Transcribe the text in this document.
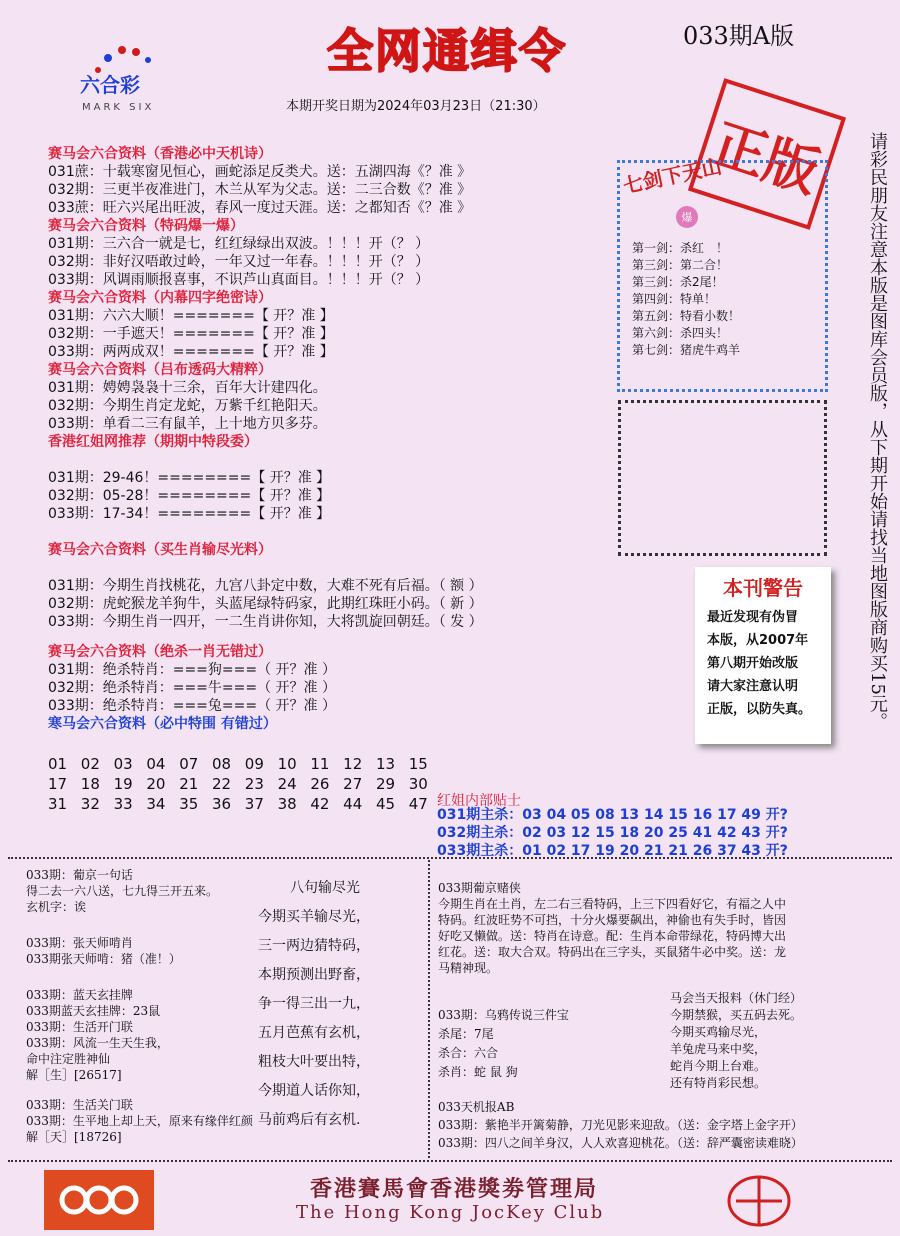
六合彩
MARK SIX
全网通缉令	033期A版
本期开奖日期为2024年03月23日（21:30）
正版
赛马会六合资料（香港必中天机诗）
031蔗：十载寒窗见恒心，画蛇添足反类犬。送：五湖四海《？准 》
032期：三更半夜准进门，木兰从军为父志。送：二三合数《？准 》
033蔗：旺六兴尾出旺波，春风一度过天涯。送：之都知否《？准 》
赛马会六合资料（特码爆一爆）
031期：三六合一就是七，红红绿绿出双波。！！！开（？ ）
032期：非好汉唔敢过岭，一年又过一年春。！！！开（？ ）
033期：风调雨顺报喜事，不识芦山真面目。！！！开（？ ）
赛马会六合资料（内幕四字绝密诗）
031期：六六大顺！=======【 开？准 】
032期：一手遮天！=======【 开？准 】
033期：两两成双！=======【 开？准 】
赛马会六合资料（吕布透码大精粹）
031期：娉娉袅袅十三余，百年大计建四化。
032期：今期生肖定龙蛇，万紫千红艳阳天。
033期：单看二三有鼠羊，上十地方贝多芬。
香港红姐网推荐（期期中特段委）
031期：29-46！========【 开？准 】
032期：05-28！========【 开？准 】
033期：17-34！========【 开？准 】
赛马会六合资料（买生肖输尽光料）
031期：今期生肖找桃花，九宫八卦定中数，大难不死有后福。（ 额 ）
032期：虎蛇猴龙羊狗牛，头蓝尾绿特码家，此期红珠旺小码。（ 新 ）
033期：今期生肖一四开，一二生肖讲你知，大将凯旋回朝廷。（ 发 ）
赛马会六合资料（绝杀一肖无错过）
031期：绝杀特肖：===狗===（ 开？准 ）
032期：绝杀特肖：===牛===（ 开？准 ）
033期：绝杀特肖：===兔===（ 开？准 ）
寒马会六合资料（必中特围 有错过）
01 02 03 04 07 08 09 10 11 12 13 15
17 18 19 20 21 22 23 24 26 27 29 30
31 32 33 34 35 36 37 38 42 44 45 47
请彩民朋友注意本版是图库会员版，从下期开始请找当地图版商购买15元。
七剑下天山
爆
第一剑：杀红　！
第三剑：第二合！
第三剑：杀2尾！
第四剑：特单！
第五剑：特看小数！
第六剑：杀四头！
第七剑：猪虎牛鸡羊
本刊警告
最近发现有伪冒
本版，从2007年
第八期开始改版
请大家注意认明
正版，以防失真。
红姐内部贴士
031期主杀：03 04 05 08 13 14 15 16 17 49 开?
032期主杀：02 03 12 15 18 20 25 41 42 43 开?
033期主杀：01 02 17 19 20 21 21 26 37 43 开?
033期：葡京一句话
得二去一六八送，七九得三开五来。
玄机字：诶
033期：张天师啃肖
033期张天师啃：猪（准！）
033期：蓝天玄挂牌
033期蓝天玄挂牌：23鼠
033期：生活开门联
033期：风流一生天生我，
命中注定胜神仙
解［生］[26517]
033期：生活关门联
033期：生平地上却上天，原来有缘伴红颜
解［天］[18726]
八句输尽光
今期买羊输尽光，
三一两边猜特码，
本期预测出野畜，
争一得三出一九，
五月芭蕉有玄机，
粗枝大叶要出特，
今期道人话你知，
马前鸡后有玄机.
033期葡京赌侠
今期生肖在土肖，左二右三看特码，上三下四看好它，有福之人中
特码。红波旺势不可挡，十分火爆要飙出，神偷也有失手时，皆因
好吃又懒做。送：特肖在诗意。配：生肖本命带绿花，特码博大出
红花。送：取大合双。特码出在三字头，买鼠猪牛必中奖。送：龙
马精神现。
033期：乌鸦传说三件宝
杀尾：7尾
杀合：六合
杀肖：蛇 鼠 狗
马会当天报料（休门经）
今期禁猴，买五码去死。
今期买鸡输尽光，
羊兔虎马来中奖，
蛇肖今期上台难。
还有特肖彩民想。
033天机报AB
033期：紫艳半开篱菊静，刀光见影来迎敌。（送：金字塔上金字开）
033期：四八之间羊身汉，人人欢喜迎桃花。（送：辞严囊密读难晓）
香港賽馬會香港獎劵管理局
The Hong Kong JocKey Club
